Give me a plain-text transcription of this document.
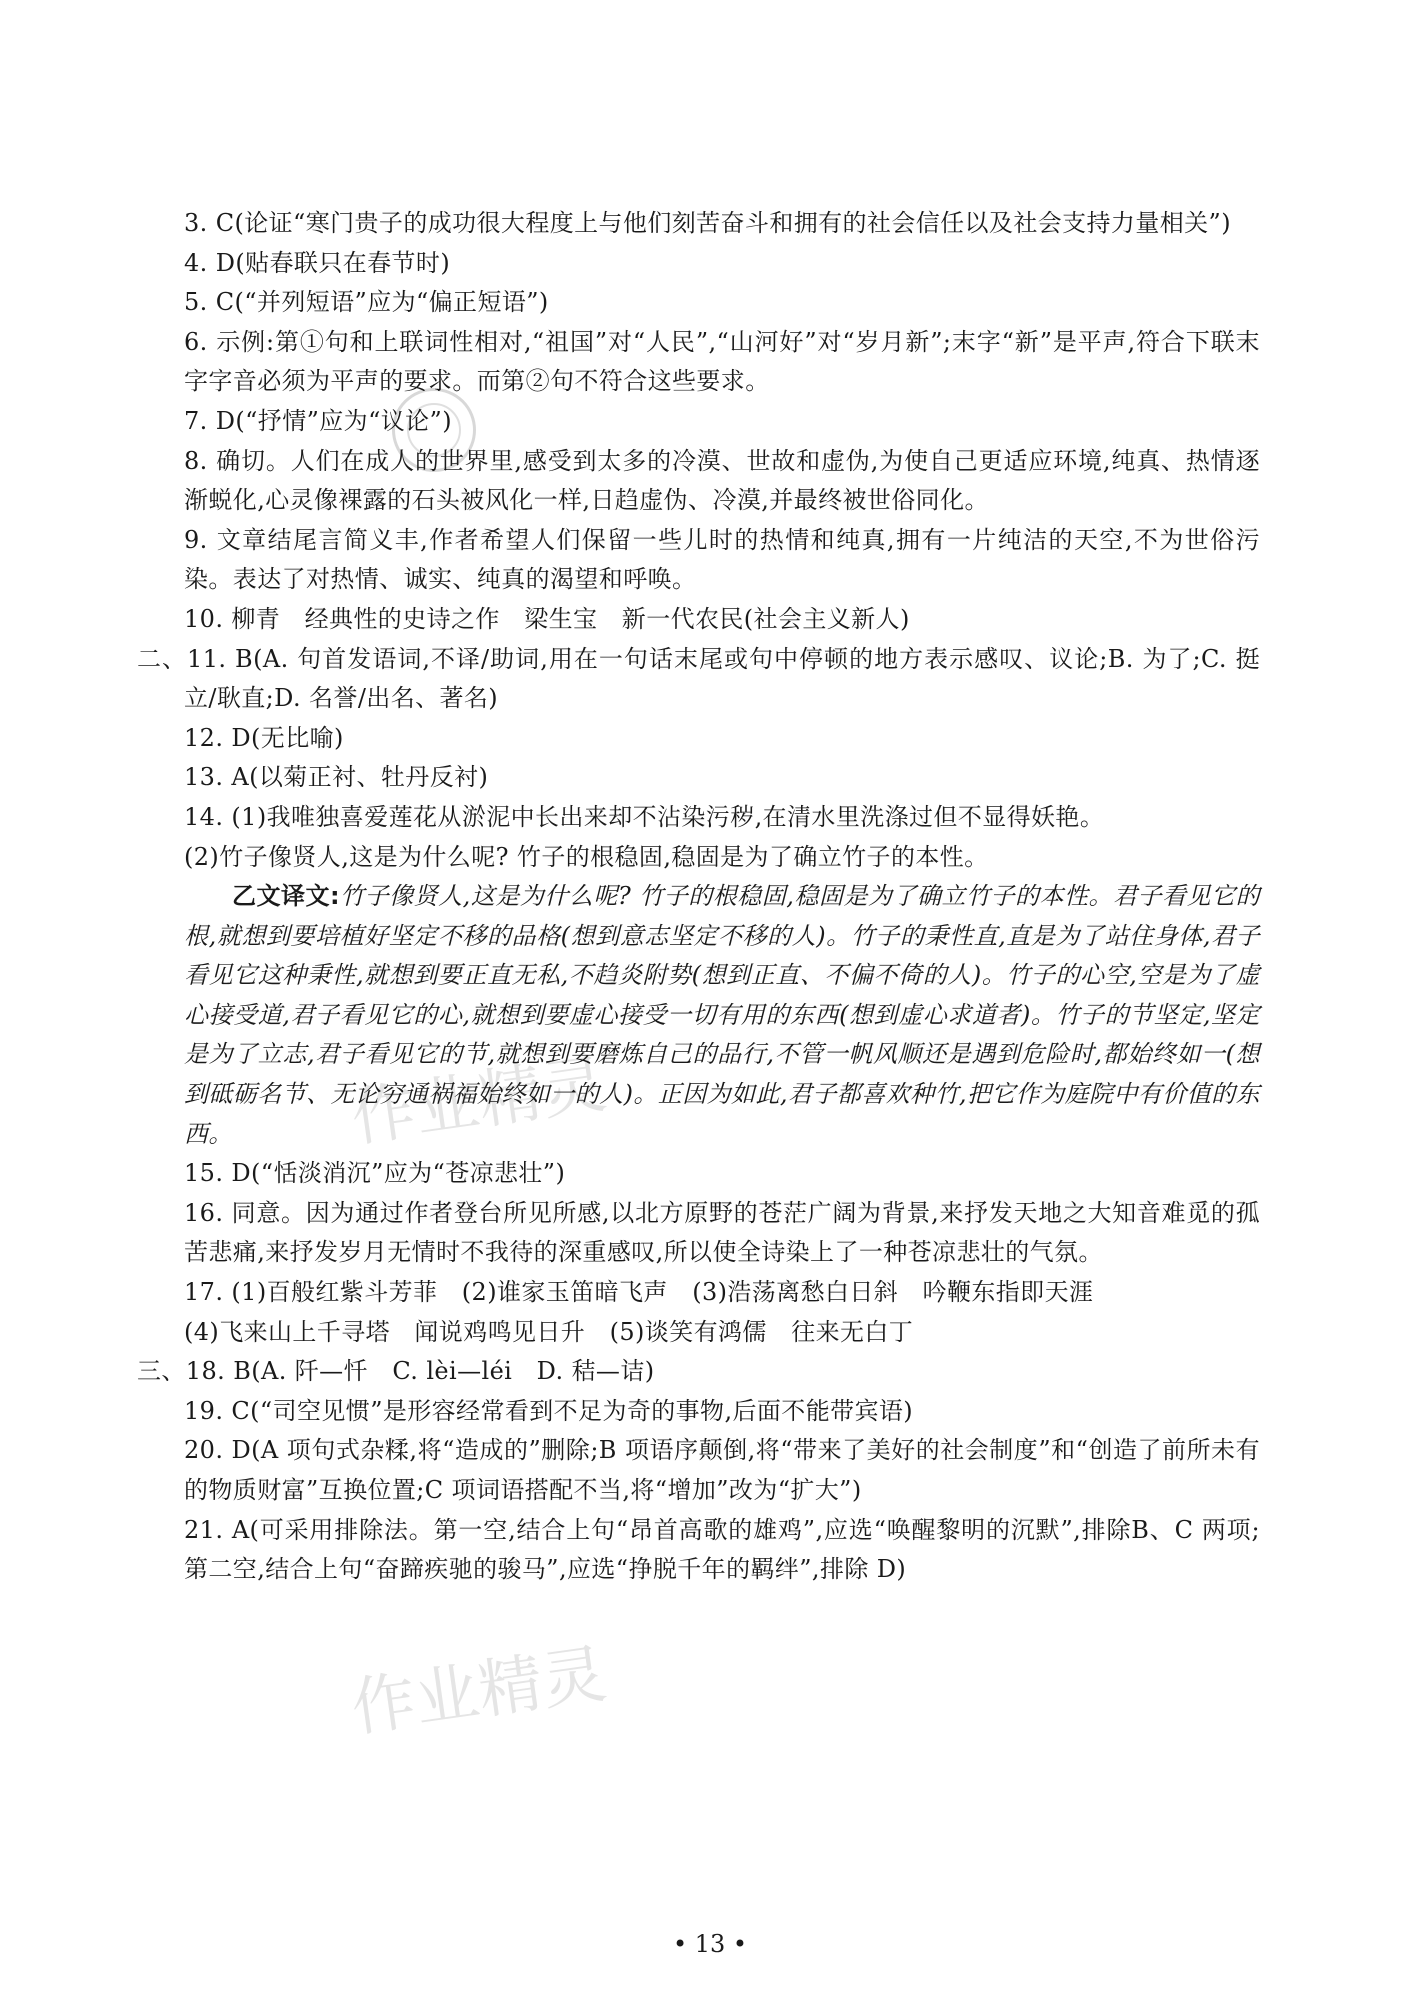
作业精灵
作业精灵

3. C(论证“寒门贵子的成功很大程度上与他们刻苦奋斗和拥有的社会信任以及社会支持力量相关”)

4. D(贴春联只在春节时)

5. C(“并列短语”应为“偏正短语”)

6. 示例:第①句和上联词性相对,“祖国”对“人民”,“山河好”对“岁月新”;末字“新”是平声,符合下联末字字音必须为平声的要求。而第②句不符合这些要求。

7. D(“抒情”应为“议论”)

8. 确切。人们在成人的世界里,感受到太多的冷漠、世故和虚伪,为使自己更适应环境,纯真、热情逐渐蜕化,心灵像裸露的石头被风化一样,日趋虚伪、冷漠,并最终被世俗同化。

9. 文章结尾言简义丰,作者希望人们保留一些儿时的热情和纯真,拥有一片纯洁的天空,不为世俗污染。表达了对热情、诚实、纯真的渴望和呼唤。

10. 柳青　经典性的史诗之作　梁生宝　新一代农民(社会主义新人)

二、11. B(A. 句首发语词,不译/助词,用在一句话末尾或句中停顿的地方表示感叹、议论;B. 为了;C. 挺立/耿直;D. 名誉/出名、著名)

12. D(无比喻)

13. A(以菊正衬、牡丹反衬)

14. (1)我唯独喜爱莲花从淤泥中长出来却不沾染污秽,在清水里洗涤过但不显得妖艳。

(2)竹子像贤人,这是为什么呢? 竹子的根稳固,稳固是为了确立竹子的本性。

乙文译文:竹子像贤人,这是为什么呢? 竹子的根稳固,稳固是为了确立竹子的本性。君子看见它的根,就想到要培植好坚定不移的品格(想到意志坚定不移的人)。竹子的秉性直,直是为了站住身体,君子看见它这种秉性,就想到要正直无私,不趋炎附势(想到正直、不偏不倚的人)。竹子的心空,空是为了虚心接受道,君子看见它的心,就想到要虚心接受一切有用的东西(想到虚心求道者)。竹子的节坚定,坚定是为了立志,君子看见它的节,就想到要磨炼自己的品行,不管一帆风顺还是遇到危险时,都始终如一(想到砥砺名节、无论穷通祸福始终如一的人)。正因为如此,君子都喜欢种竹,把它作为庭院中有价值的东西。

15. D(“恬淡消沉”应为“苍凉悲壮”)

16. 同意。因为通过作者登台所见所感,以北方原野的苍茫广阔为背景,来抒发天地之大知音难觅的孤苦悲痛,来抒发岁月无情时不我待的深重感叹,所以使全诗染上了一种苍凉悲壮的气氛。

17. (1)百般红紫斗芳菲　(2)谁家玉笛暗飞声　(3)浩荡离愁白日斜　吟鞭东指即天涯

(4)飞来山上千寻塔　闻说鸡鸣见日升　(5)谈笑有鸿儒　往来无白丁

三、18. B(A. 阡—忏　C. lèi—léi　D. 秸—诘)

19. C(“司空见惯”是形容经常看到不足为奇的事物,后面不能带宾语)

20. D(A 项句式杂糅,将“造成的”删除;B 项语序颠倒,将“带来了美好的社会制度”和“创造了前所未有的物质财富”互换位置;C 项词语搭配不当,将“增加”改为“扩大”)

21. A(可采用排除法。第一空,结合上句“昂首高歌的雄鸡”,应选“唤醒黎明的沉默”,排除B、C 两项;第二空,结合上句“奋蹄疾驰的骏马”,应选“挣脱千年的羁绊”,排除 D)

• 13 •
